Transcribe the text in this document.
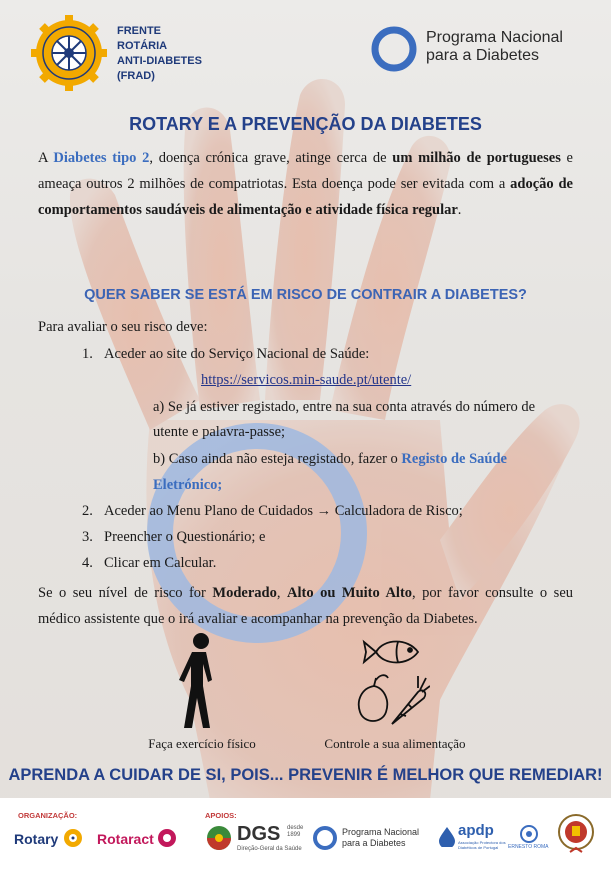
FRENTE
ROTÁRIA
ANTI-DIABETES
(FRAD)
Programa Nacional
para a Diabetes
ROTARY E A PREVENÇÃO DA DIABETES
A Diabetes tipo 2, doença crónica grave, atinge cerca de um milhão de portugueses e ameaça outros 2 milhões de compatriotas. Esta doença pode ser evitada com a adoção de comportamentos saudáveis de alimentação e atividade física regular.
QUER SABER SE ESTÁ EM RISCO DE CONTRAIR A DIABETES?
Para avaliar o seu risco deve:
1. Aceder ao site do Serviço Nacional de Saúde:
https://servicos.min-saude.pt/utente/
a) Se já estiver registado, entre na sua conta através do número de
utente e palavra-passe;
b) Caso ainda não esteja registado, fazer o Registo de Saúde
Eletrónico;
2. Aceder ao Menu Plano de Cuidados → Calculadora de Risco;
3. Preencher o Questionário; e
4. Clicar em Calcular.
Se o seu nível de risco for Moderado, Alto ou Muito Alto, por favor consulte o seu médico assistente que o irá avaliar e acompanhar na prevenção da Diabetes.
Faça exercício físico	Controle a sua alimentação
APRENDA A CUIDAR DE SI, POIS... PREVENIR É MELHOR QUE REMEDIAR!
ORGANIZAÇÃO:
Rotary	Rotaract
APOIOS:
DGS desde
1899
Direção-Geral da Saúde
Programa Nacional
para a Diabetes
apdp
Associação Protectora dos Diabéticos de Portugal	ERNESTO ROMA
